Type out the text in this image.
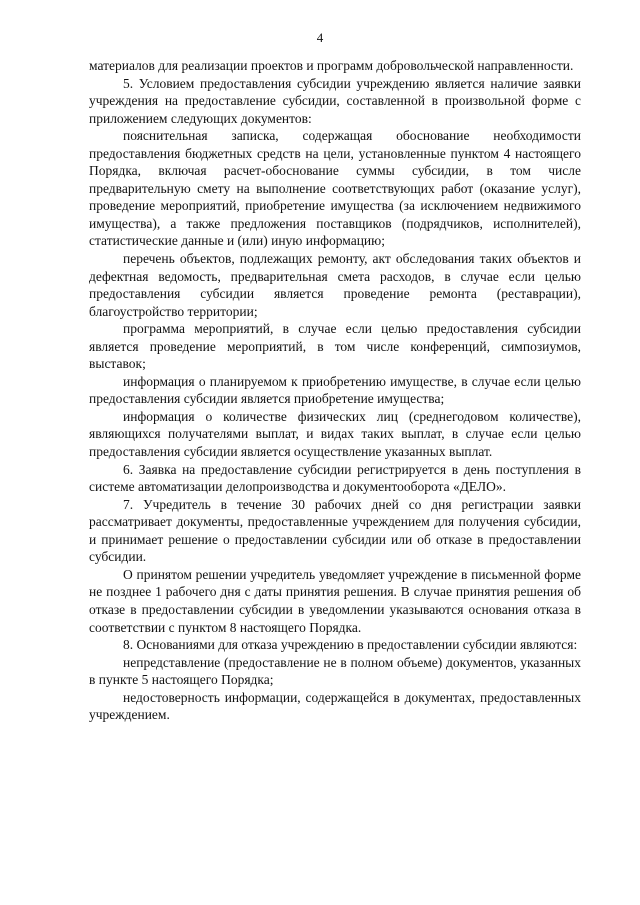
4

материалов для реализации проектов и программ добровольческой направленности.

5. Условием предоставления субсидии учреждению является наличие заявки учреждения на предоставление субсидии, составленной в произвольной форме с приложением следующих документов:

пояснительная записка, содержащая обоснование необходимости предоставления бюджетных средств на цели, установленные пунктом 4 настоящего Порядка, включая расчет-обоснование суммы субсидии, в том числе предварительную смету на выполнение соответствующих работ (оказание услуг), проведение мероприятий, приобретение имущества (за исключением недвижимого имущества), а также предложения поставщиков (подрядчиков, исполнителей), статистические данные и (или) иную информацию;

перечень объектов, подлежащих ремонту, акт обследования таких объектов и дефектная ведомость, предварительная смета расходов, в случае если целью предоставления субсидии является проведение ремонта (реставрации), благоустройство территории;

программа мероприятий, в случае если целью предоставления субсидии является проведение мероприятий, в том числе конференций, симпозиумов, выставок;

информация о планируемом к приобретению имуществе, в случае если целью предоставления субсидии является приобретение имущества;

информация о количестве физических лиц (среднегодовом количестве), являющихся получателями выплат, и видах таких выплат, в случае если целью предоставления субсидии является осуществление указанных выплат.

6. Заявка на предоставление субсидии регистрируется в день поступления в системе автоматизации делопроизводства и документооборота «ДЕЛО».

7. Учредитель в течение 30 рабочих дней со дня регистрации заявки рассматривает документы, предоставленные учреждением для получения субсидии, и принимает решение о предоставлении субсидии или об отказе в предоставлении субсидии.

О принятом решении учредитель уведомляет учреждение в письменной форме не позднее 1 рабочего дня с даты принятия решения. В случае принятия решения об отказе в предоставлении субсидии в уведомлении указываются основания отказа в соответствии с пунктом 8 настоящего Порядка.

8. Основаниями для отказа учреждению в предоставлении субсидии являются:

непредставление (предоставление не в полном объеме) документов, указанных в пункте 5 настоящего Порядка;

недостоверность информации, содержащейся в документах, предоставленных учреждением.
